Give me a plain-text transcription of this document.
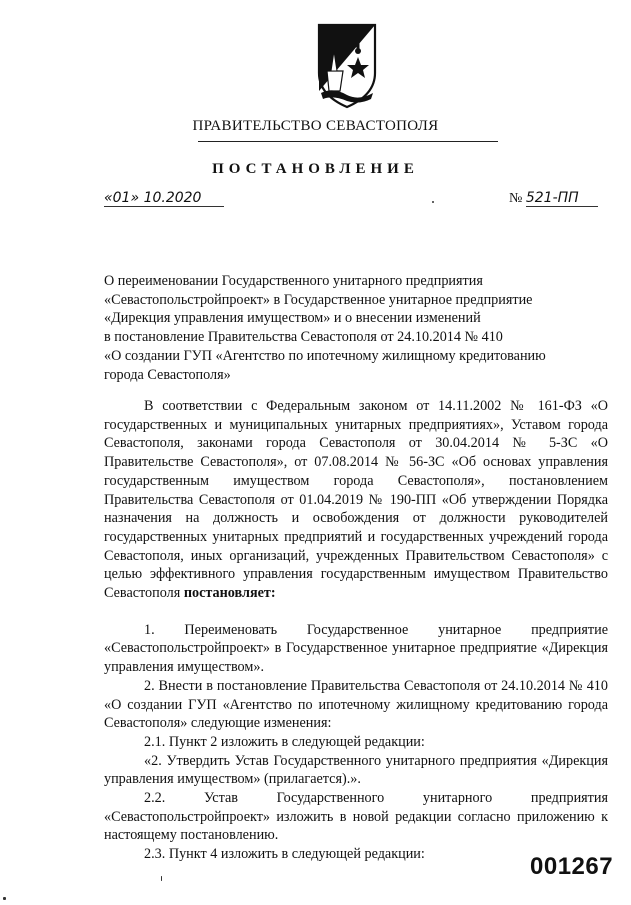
ПРАВИТЕЛЬСТВО СЕВАСТОПОЛЯ
ПОСТАНОВЛЕНИЕ
«01» 10.2020	№ 521-ПП

О переименовании Государственного унитарного предприятия

«Севастопольстройпроект» в Государственное унитарное предприятие

«Дирекция управления имуществом» и о внесении изменений

в постановление Правительства Севастополя от 24.10.2014 № 410

«О создании ГУП «Агентство по ипотечному жилищному кредитованию

города Севастополя»

В соответствии с Федеральным законом от 14.11.2002 № 161-ФЗ «О государственных и муниципальных унитарных предприятиях», Уставом города Севастополя, законами города Севастополя от 30.04.2014 № 5-ЗС «О Правительстве Севастополя», от 07.08.2014 № 56-ЗС «Об основах управления государственным имуществом города Севастополя», постановлением Правительства Севастополя от 01.04.2019 № 190-ПП «Об утверждении Порядка назначения на должность и освобождения от должности руководителей государственных унитарных предприятий и государственных учреждений города Севастополя, иных организаций, учрежденных Правительством Севастополя» с целью эффективного управления государственным имуществом Правительство Севастополя постановляет:

1. Переименовать Государственное унитарное предприятие «Севастопольстройпроект» в Государственное унитарное предприятие «Дирекция управления имуществом».

2. Внести в постановление Правительства Севастополя от 24.10.2014 № 410 «О создании ГУП «Агентство по ипотечному жилищному кредитованию города Севастополя» следующие изменения:

2.1. Пункт 2 изложить в следующей редакции:

«2. Утвердить Устав Государственного унитарного предприятия «Дирекция управления имуществом» (прилагается).».

2.2. Устав Государственного унитарного предприятия «Севастопольстройпроект» изложить в новой редакции согласно приложению к настоящему постановлению.

2.3. Пункт 4 изложить в следующей редакции:	001267
